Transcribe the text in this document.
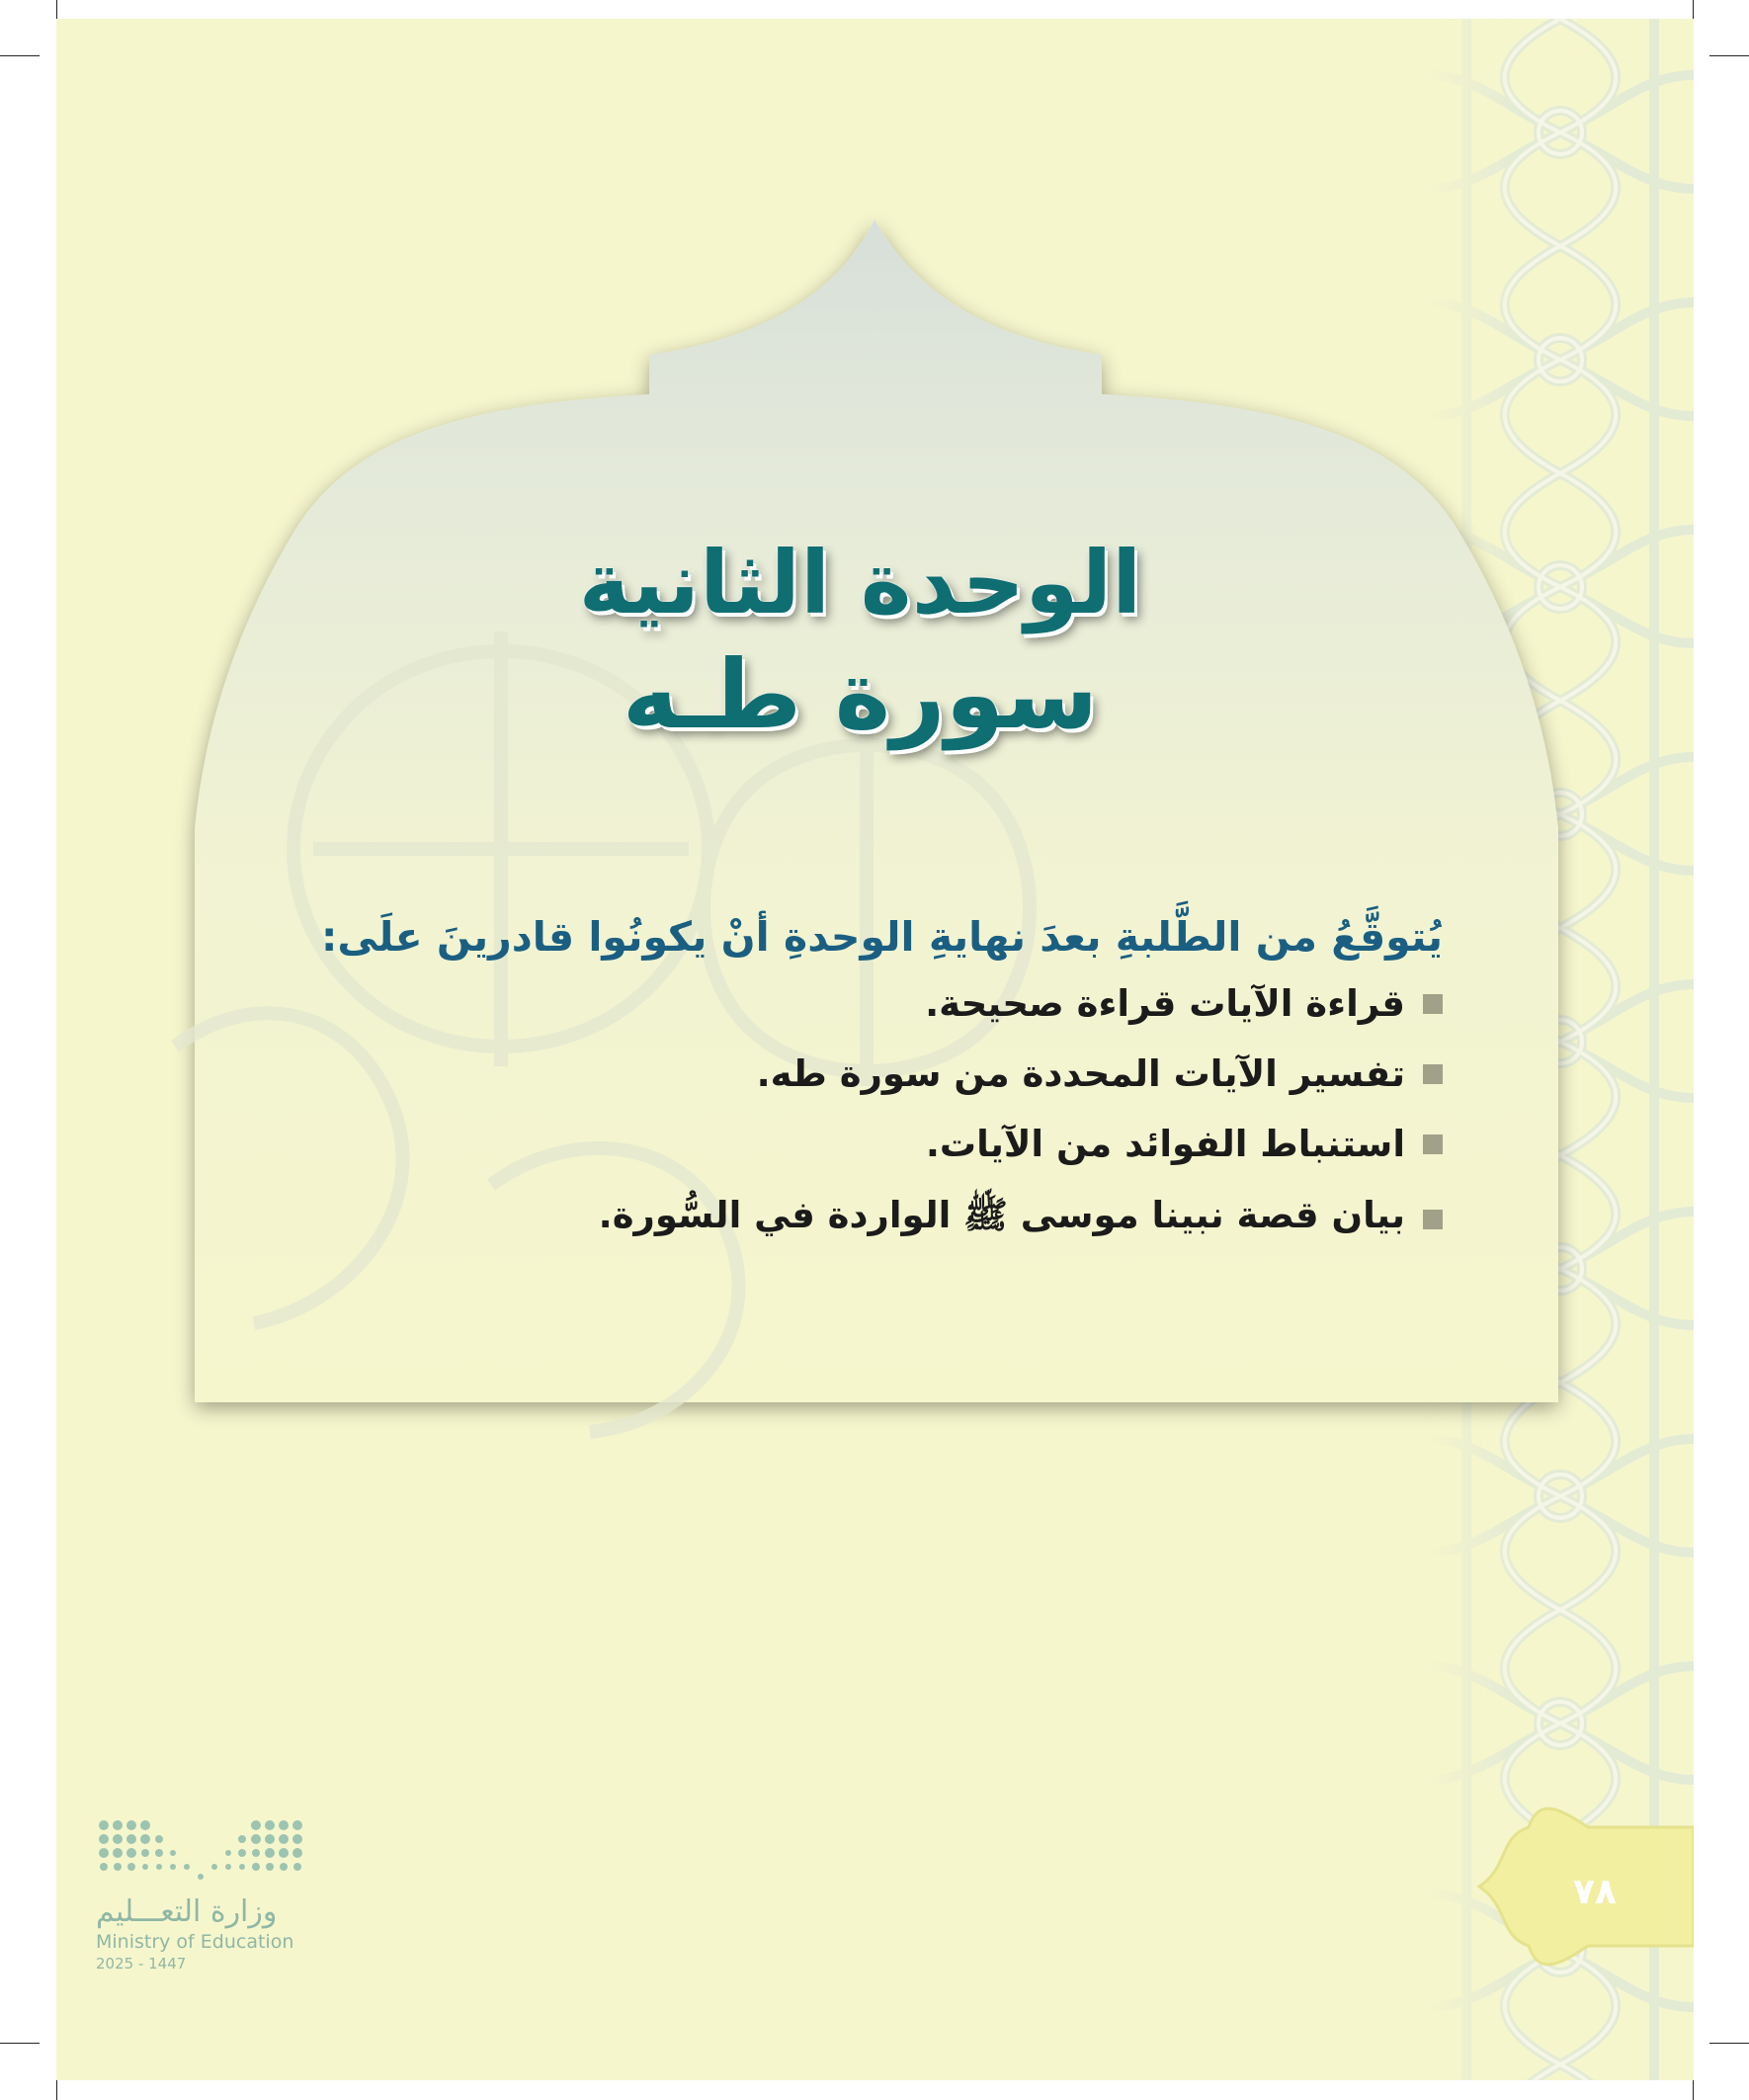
الوحدة الثانية
سورة طـه

يُتوقَّعُ من الطَّلبةِ بعدَ نهايةِ الوحدةِ أنْ يكونُوا قادرينَ علَى:

قراءة الآيات قراءة صحيحة.
تفسير الآيات المحددة من سورة طه.
استنباط الفوائد من الآيات.
بيان قصة نبينا موسى ﷺ الواردة في السُّورة.
٧٨

وزارة التعـــليم

Ministry of Education

2025 - 1447
